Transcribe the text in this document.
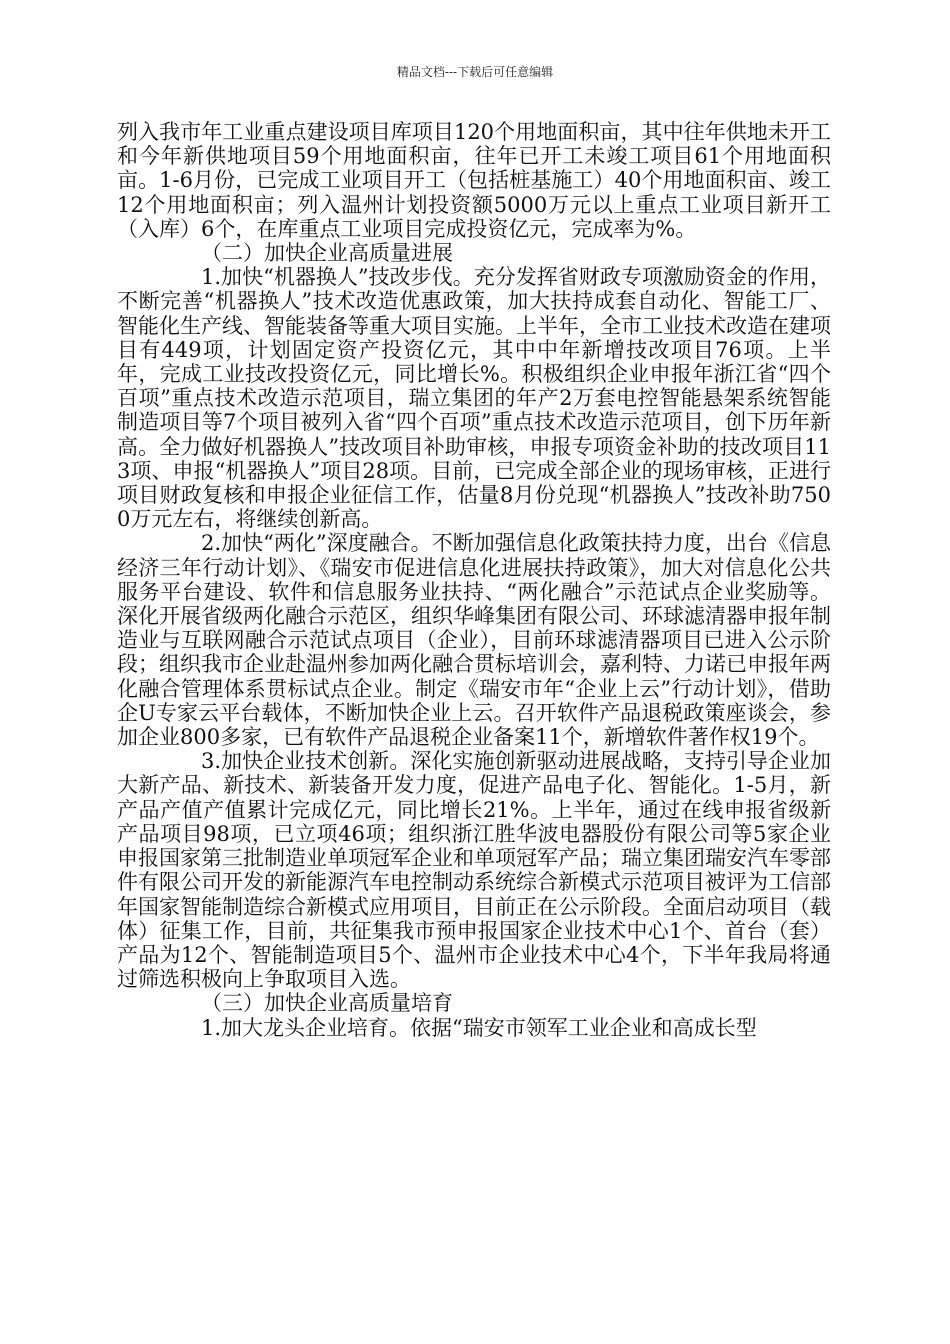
精品文档---下载后可任意编辑

列入我市年工业重点建设项目库项目120个用地面积亩，其中往年供地未开工和今年新供地项目59个用地面积亩，往年已开工未竣工项目61个用地面积亩。1-6月份，已完成工业项目开工（包括桩基施工）40个用地面积亩、竣工12个用地面积亩；列入温州计划投资额5000万元以上重点工业项目新开工（入库）6个，在库重点工业项目完成投资亿元，完成率为%。

（二）加快企业高质量进展

1.加快“机器换人”技改步伐。充分发挥省财政专项激励资金的作用，不断完善“机器换人”技术改造优惠政策，加大扶持成套自动化、智能工厂、智能化生产线、智能装备等重大项目实施。上半年，全市工业技术改造在建项目有449项，计划固定资产投资亿元，其中中年新增技改项目76项。上半年，完成工业技改投资亿元，同比增长%。积极组织企业申报年浙江省“四个百项”重点技术改造示范项目，瑞立集团的年产2万套电控智能悬架系统智能制造项目等7个项目被列入省“四个百项”重点技术改造示范项目，创下历年新高。全力做好机器换人”技改项目补助审核，申报专项资金补助的技改项目113项、申报“机器换人”项目28项。目前，已完成全部企业的现场审核，正进行项目财政复核和申报企业征信工作，估量8月份兑现“机器换人”技改补助7500万元左右，将继续创新高。

2.加快“两化”深度融合。不断加强信息化政策扶持力度，出台《信息经济三年行动计划》、《瑞安市促进信息化进展扶持政策》，加大对信息化公共服务平台建设、软件和信息服务业扶持、“两化融合”示范试点企业奖励等。深化开展省级两化融合示范区，组织华峰集团有限公司、环球滤清器申报年制造业与互联网融合示范试点项目（企业），目前环球滤清器项目已进入公示阶段；组织我市企业赴温州参加两化融合贯标培训会，嘉利特、力诺已申报年两化融合管理体系贯标试点企业。制定《瑞安市年“企业上云”行动计划》，借助企U专家云平台载体，不断加快企业上云。召开软件产品退税政策座谈会，参加企业800多家，已有软件产品退税企业备案11个，新增软件著作权19个。

3.加快企业技术创新。深化实施创新驱动进展战略，支持引导企业加大新产品、新技术、新装备开发力度，促进产品电子化、智能化。1-5月，新产品产值产值累计完成亿元，同比增长21%。上半年，通过在线申报省级新产品项目98项，已立项46项；组织浙江胜华波电器股份有限公司等5家企业申报国家第三批制造业单项冠军企业和单项冠军产品；瑞立集团瑞安汽车零部件有限公司开发的新能源汽车电控制动系统综合新模式示范项目被评为工信部年国家智能制造综合新模式应用项目，目前正在公示阶段。全面启动项目（载体）征集工作，目前，共征集我市预申报国家企业技术中心1个、首台（套）产品为12个、智能制造项目5个、温州市企业技术中心4个，下半年我局将通过筛选积极向上争取项目入选。

（三）加快企业高质量培育

1.加大龙头企业培育。依据“瑞安市领军工业企业和高成长型
